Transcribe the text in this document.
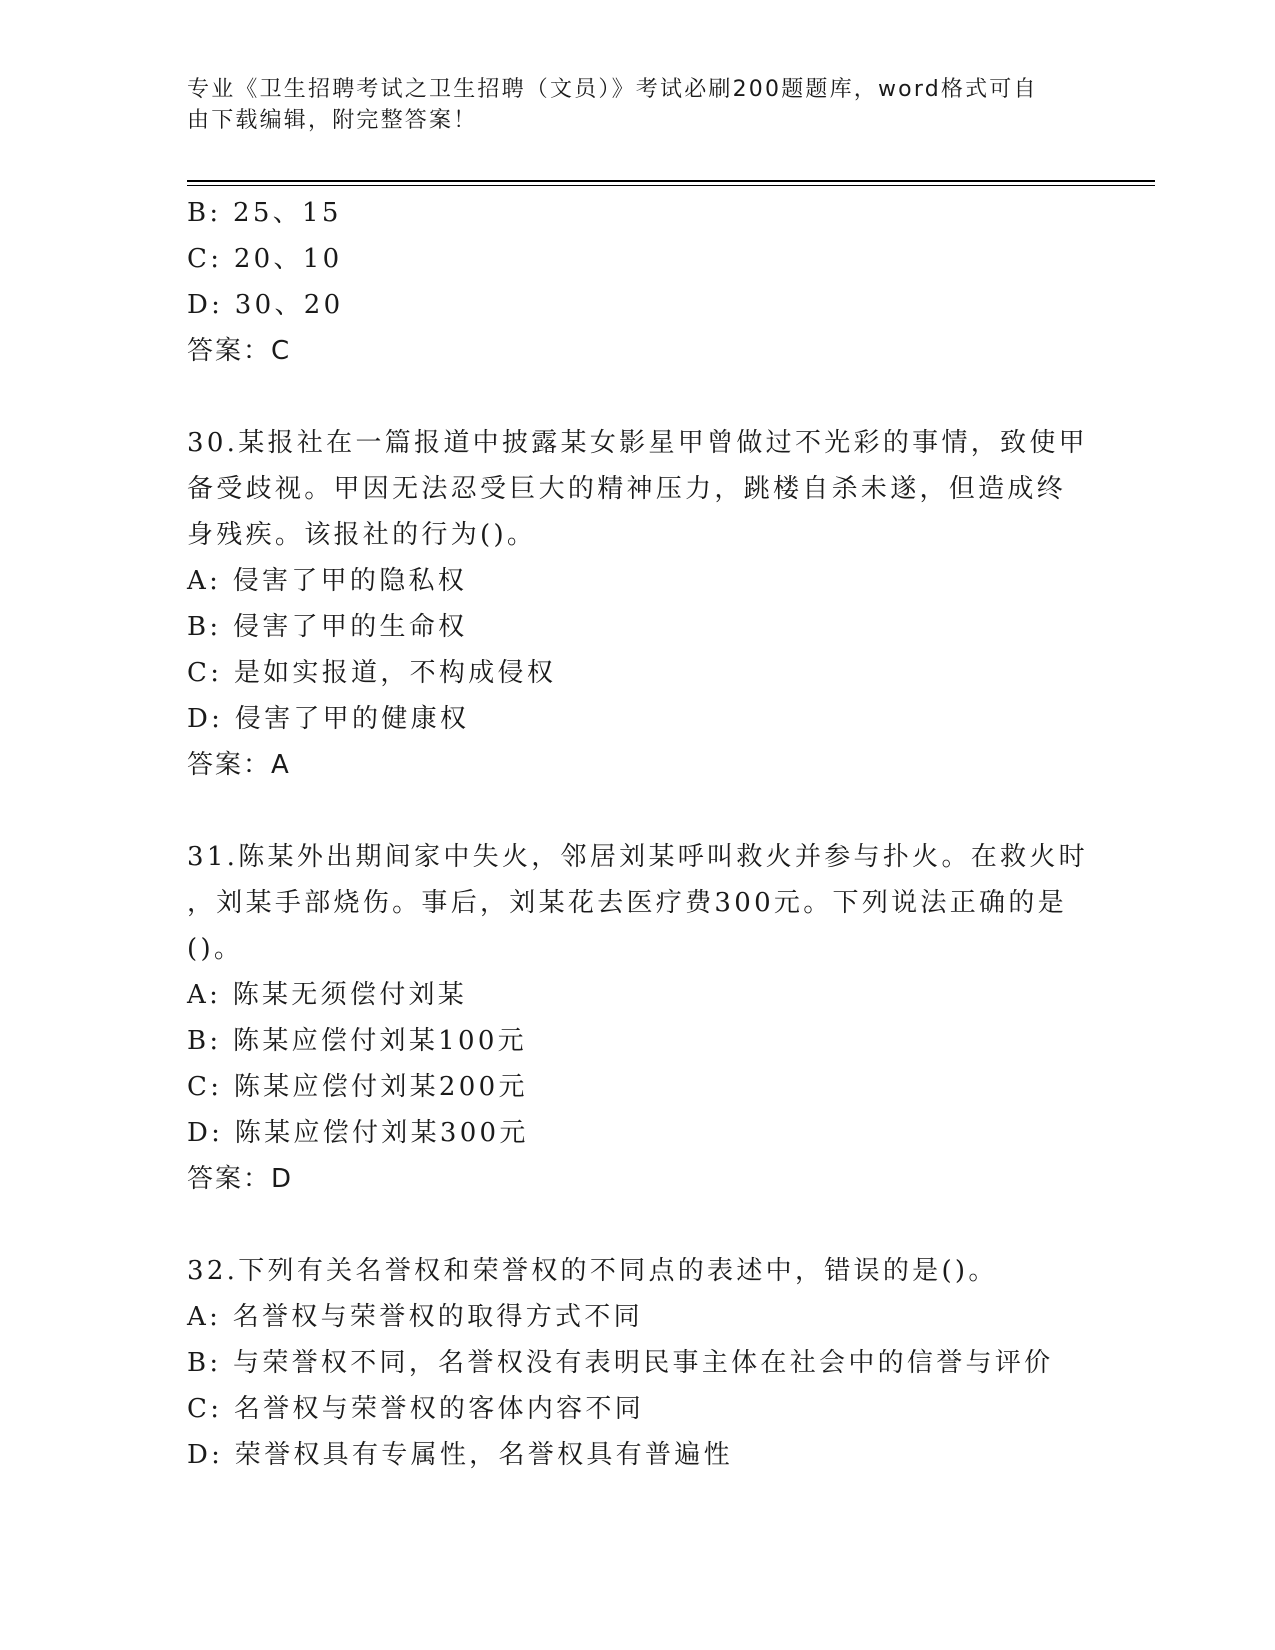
专业《卫生招聘考试之卫生招聘（文员）》考试必刷200题题库，word格式可自
由下载编辑，附完整答案！
B: 25、15
C: 20、10
D: 30、20
答案：C
30.某报社在一篇报道中披露某女影星甲曾做过不光彩的事情，致使甲
备受歧视。甲因无法忍受巨大的精神压力，跳楼自杀未遂，但造成终
身残疾。该报社的行为()。
A: 侵害了甲的隐私权
B: 侵害了甲的生命权
C: 是如实报道，不构成侵权
D: 侵害了甲的健康权
答案：A
31.陈某外出期间家中失火，邻居刘某呼叫救火并参与扑火。在救火时
，刘某手部烧伤。事后，刘某花去医疗费300元。下列说法正确的是
()。
A: 陈某无须偿付刘某
B: 陈某应偿付刘某100元
C: 陈某应偿付刘某200元
D: 陈某应偿付刘某300元
答案：D
32.下列有关名誉权和荣誉权的不同点的表述中，错误的是()。
A: 名誉权与荣誉权的取得方式不同
B: 与荣誉权不同，名誉权没有表明民事主体在社会中的信誉与评价
C: 名誉权与荣誉权的客体内容不同
D: 荣誉权具有专属性，名誉权具有普遍性
